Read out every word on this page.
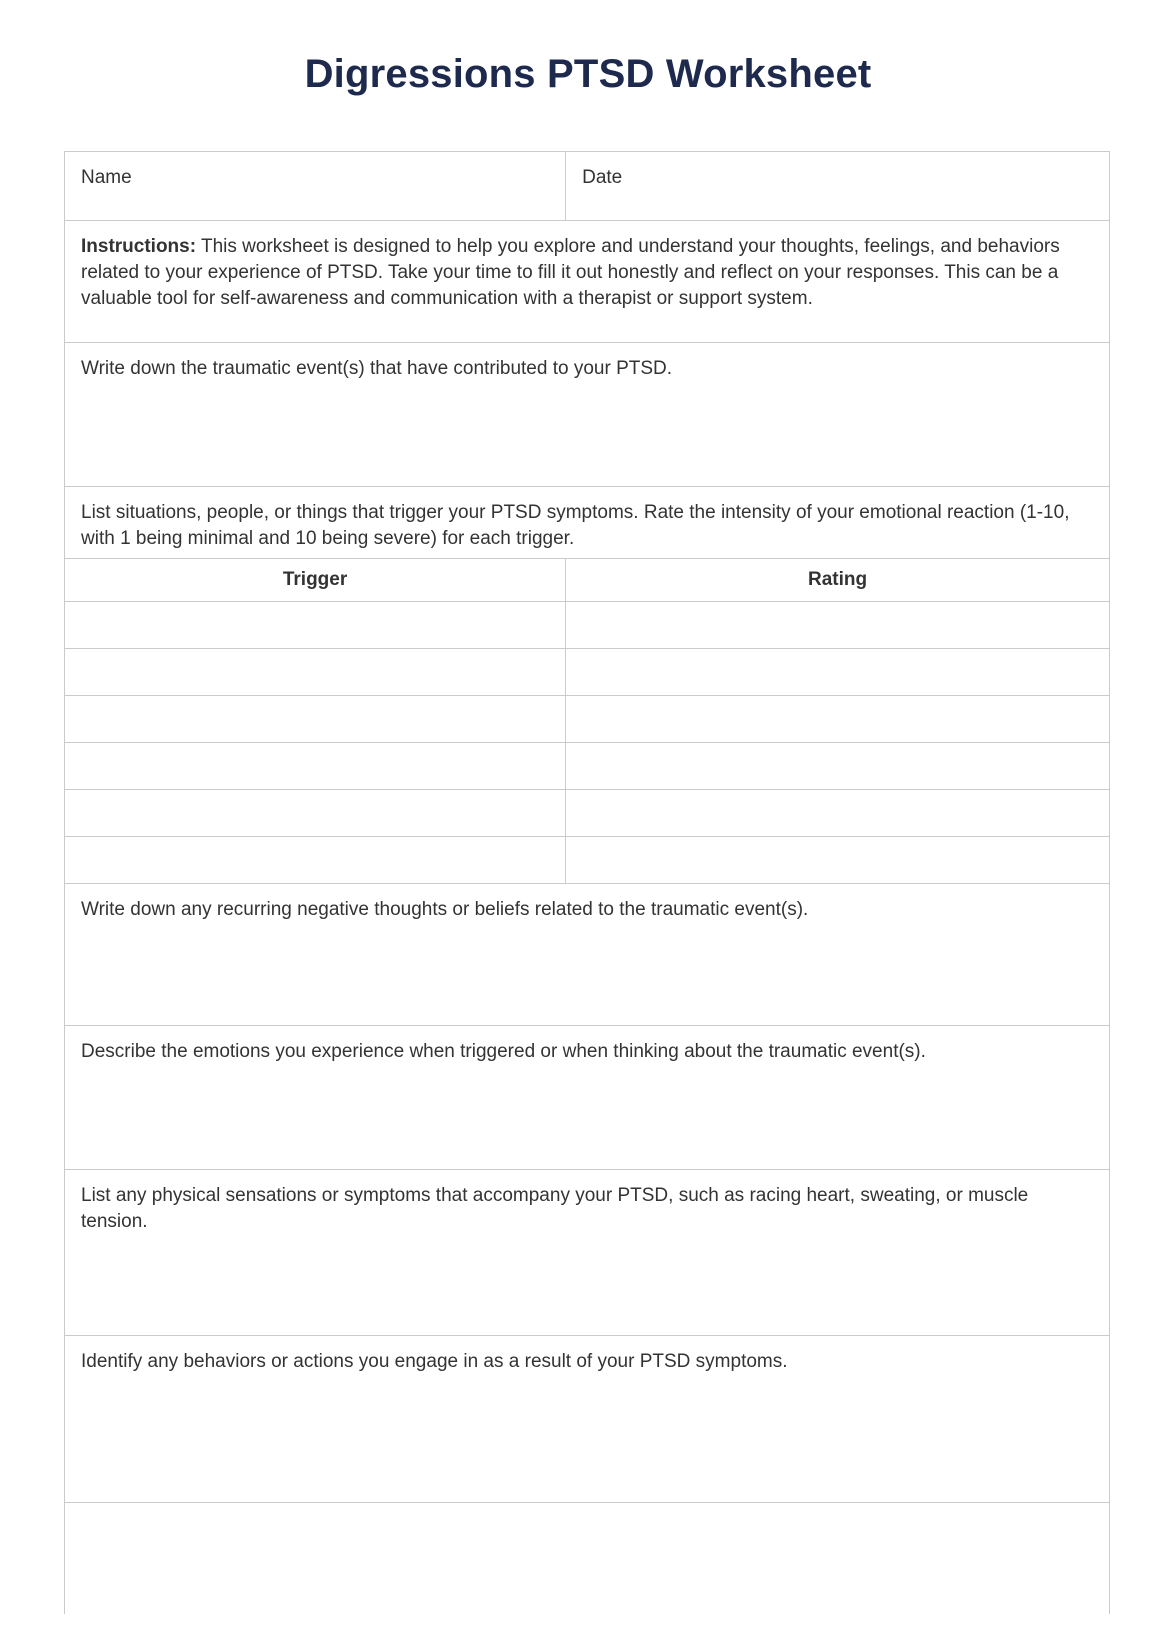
Digressions PTSD Worksheet
Name	Date

Instructions: This worksheet is designed to help you explore and understand your thoughts, feelings, and behaviors related to your experience of PTSD. Take your time to fill it out honestly and reflect on your responses. This can be a valuable tool for self-awareness and communication with a therapist or support system.

Write down the traumatic event(s) that have contributed to your PTSD.

List situations, people, or things that trigger your PTSD symptoms. Rate the intensity of your emotional reaction (1-10, with 1 being minimal and 10 being severe) for each trigger.

Trigger	Rating

Write down any recurring negative thoughts or beliefs related to the traumatic event(s).

Describe the emotions you experience when triggered or when thinking about the traumatic event(s).

List any physical sensations or symptoms that accompany your PTSD, such as racing heart, sweating, or muscle tension.

Identify any behaviors or actions you engage in as a result of your PTSD symptoms.
